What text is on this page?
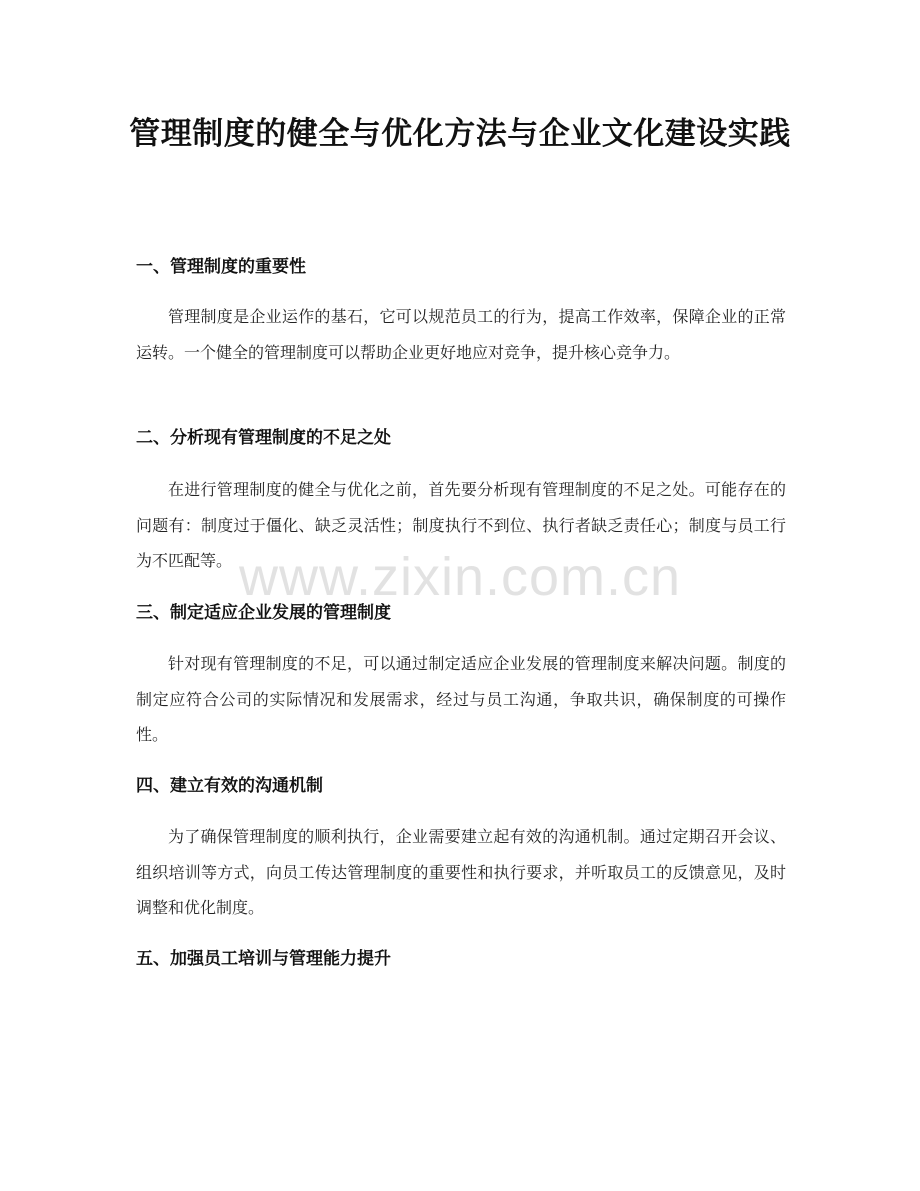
管理制度的健全与优化方法与企业文化建设实践
一、管理制度的重要性

管理制度是企业运作的基石，它可以规范员工的行为，提高工作效率，保障企业的正常运转。一个健全的管理制度可以帮助企业更好地应对竞争，提升核心竞争力。

二、分析现有管理制度的不足之处

在进行管理制度的健全与优化之前，首先要分析现有管理制度的不足之处。可能存在的问题有：制度过于僵化、缺乏灵活性；制度执行不到位、执行者缺乏责任心；制度与员工行为不匹配等。

三、制定适应企业发展的管理制度

针对现有管理制度的不足，可以通过制定适应企业发展的管理制度来解决问题。制度的制定应符合公司的实际情况和发展需求，经过与员工沟通，争取共识，确保制度的可操作性。

四、建立有效的沟通机制

为了确保管理制度的顺利执行，企业需要建立起有效的沟通机制。通过定期召开会议、组织培训等方式，向员工传达管理制度的重要性和执行要求，并听取员工的反馈意见，及时调整和优化制度。

五、加强员工培训与管理能力提升
www.zixin.com.cn
